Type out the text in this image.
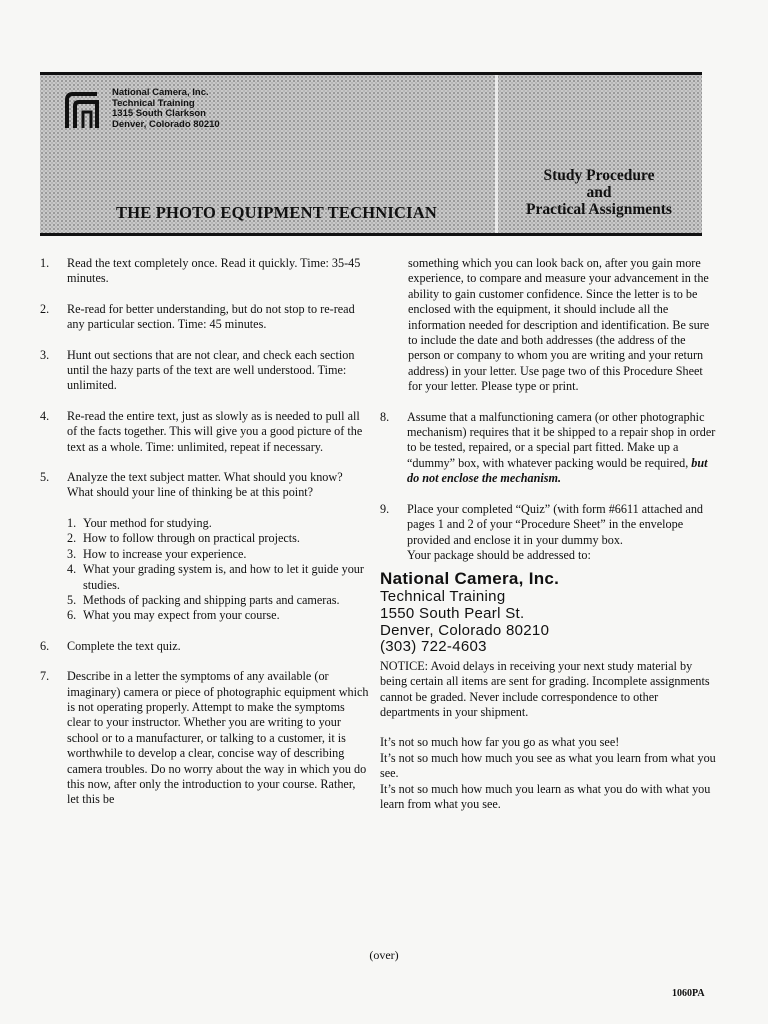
National Camera, Inc.
Technical Training
1315 South Clarkson
Denver, Colorado 80210
THE PHOTO EQUIPMENT TECHNICIAN
Study Procedure
and
Practical Assignments
1. Read the text completely once. Read it quickly. Time: 35-45 minutes.
2. Re-read for better understanding, but do not stop to re-read any particular section. Time: 45 minutes.
3. Hunt out sections that are not clear, and check each section until the hazy parts of the text are well understood. Time: unlimited.
4. Re-read the entire text, just as slowly as is needed to pull all of the facts together. This will give you a good picture of the text as a whole. Time: unlimited, repeat if necessary.
5. Analyze the text subject matter. What should you know? What should your line of thinking be at this point?
1. Your method for studying.
2. How to follow through on practical projects.
3. How to increase your experience.
4. What your grading system is, and how to let it guide your studies.
5. Methods of packing and shipping parts and cameras.
6. What you may expect from your course.
6. Complete the text quiz.
7. Describe in a letter the symptoms of any available (or imaginary) camera or piece of photographic equipment which is not operating properly. Attempt to make the symptoms clear to your instructor. Whether you are writing to your school or to a manufacturer, or talking to a customer, it is worthwhile to develop a clear, concise way of describing camera troubles. Do no worry about the way in which you do this now, after only the introduction to your course. Rather, let this be
something which you can look back on, after you gain more experience, to compare and measure your advancement in the ability to gain customer confidence. Since the letter is to be enclosed with the equipment, it should include all the information needed for description and identification. Be sure to include the date and both addresses (the address of the person or company to whom you are writing and your return address) in your letter. Use page two of this Procedure Sheet for your letter. Please type or print.
8. Assume that a malfunctioning camera (or other photographic mechanism) requires that it be shipped to a repair shop in order to be tested, repaired, or a special part fitted. Make up a “dummy” box, with whatever packing would be required, but do not enclose the mechanism.
9. Place your completed “Quiz” (with form #6611 attached and pages 1 and 2 of your “Procedure Sheet” in the envelope provided and enclose it in your dummy box. Your package should be addressed to:
National Camera, Inc.
Technical Training
1550 South Pearl St.
Denver, Colorado 80210
(303) 722-4603
NOTICE: Avoid delays in receiving your next study material by being certain all items are sent for grading. Incomplete assignments cannot be graded. Never include correspondence to other departments in your shipment.
It’s not so much how far you go as what you see!
It’s not so much how much you see as what you learn from what you see.
It’s not so much how much you learn as what you do with what you learn from what you see.
(over)
1060PA
